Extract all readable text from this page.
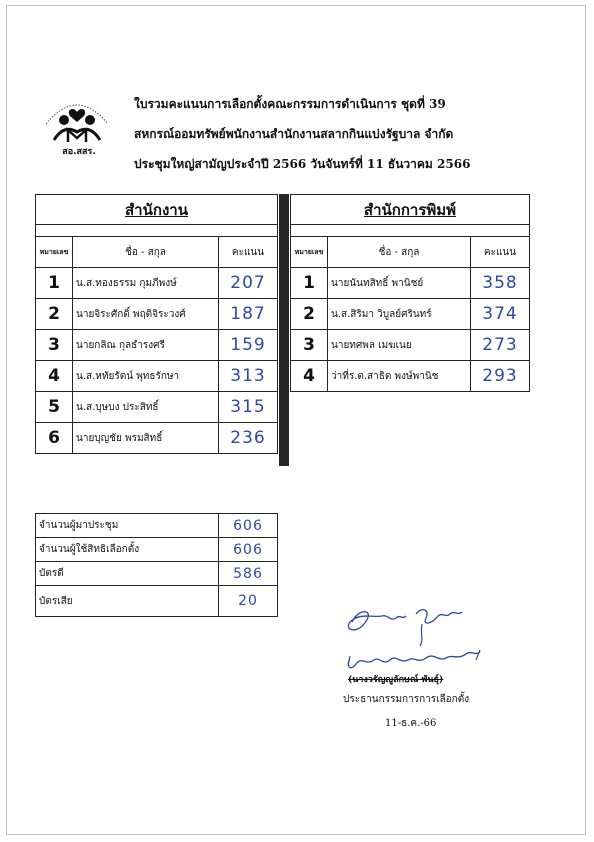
สอ.สสร.
ใบรวมคะแนนการเลือกตั้งคณะกรรมการดำเนินการ ชุดที่ 39
สหกรณ์ออมทรัพย์พนักงานสำนักงานสลากกินแบ่งรัฐบาล จำกัด
ประชุมใหญ่สามัญประจำปี 2566 วันจันทร์ที่ 11 ธันวาคม 2566
สำนักงาน		

หมายเลข	ชื่อ - สกุล	คะแนน
1	น.ส.ทองธรรม กุมภีพงษ์	207
2	นายจิระศักดิ์ พฤติจิระวงศ์	187
3	นายกลิณ กุลธำรงศรี	159
4	น.ส.หทัยรัตน์ พุทธรักษา	313
5	น.ส.บุษบง ประสิทธิ์	315
6	นายบุญชัย พรมสิทธิ์	236
สำนักการพิมพ์		

หมายเลข	ชื่อ - สกุล	คะแนน
1	นายนันทสิทธิ์ พานิชย์	358
2	น.ส.สิริมา วิบูลย์ศรินทร์	374
3	นายทศพล เมฆเนย	273
4	ว่าที่ร.ต.สาธิต พงษ์พานิช	293
จำนวนผู้มาประชุม	606
จำนวนผู้ใช้สิทธิเลือกตั้ง	606
บัตรดี	586
บัตรเสีย	20
(นางวรัญญูลักษณ์ พันธุ์)
ประธานกรรมการการเลือกตั้ง
11-ธ.ค.-66
